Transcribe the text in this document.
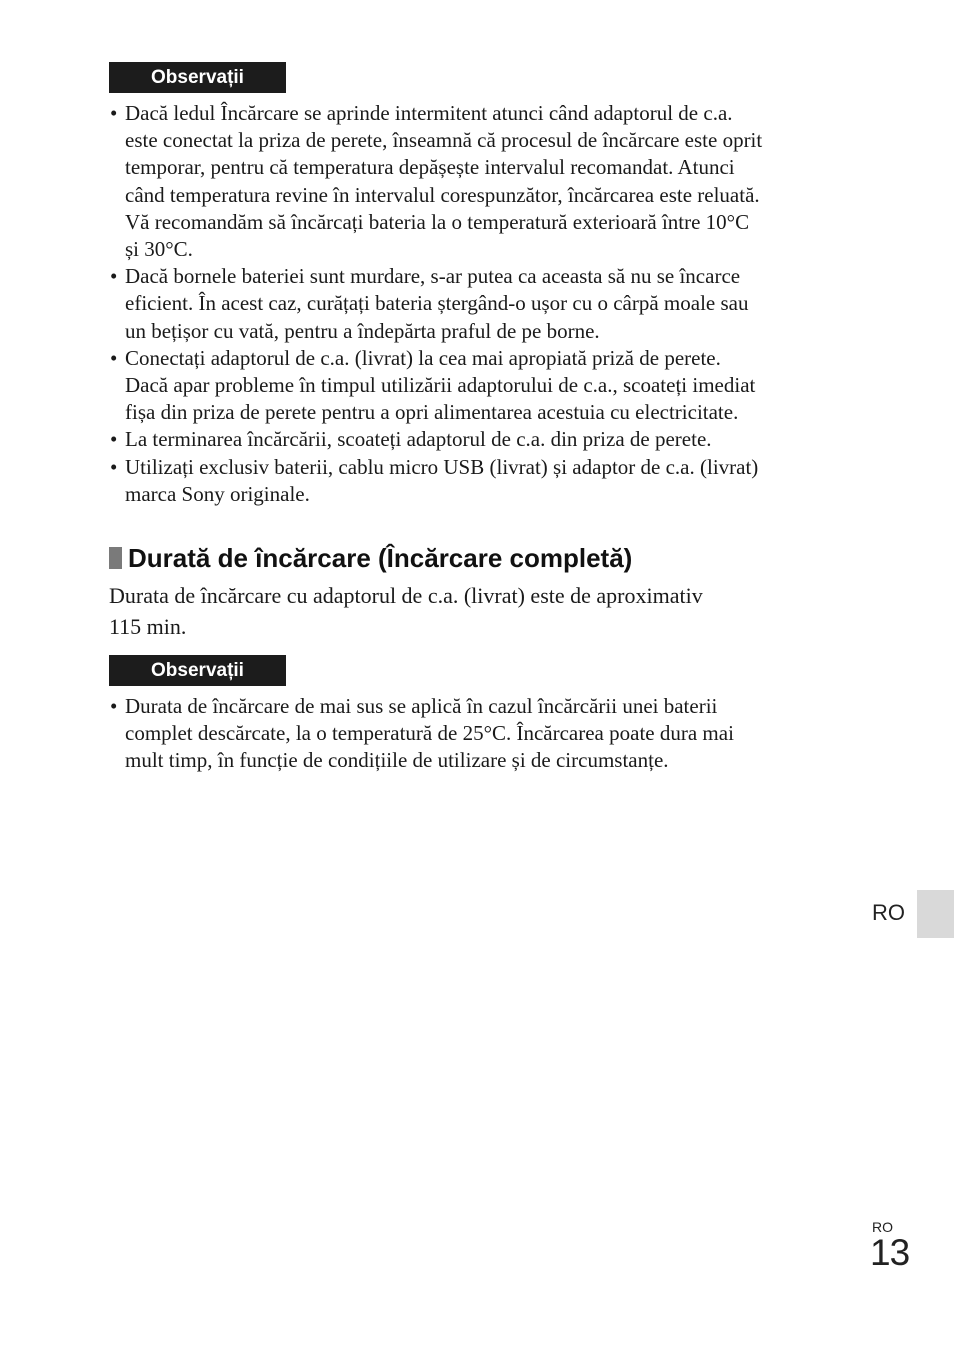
Observații
• Dacă ledul Încărcare se aprinde intermitent atunci când adaptorul de c.a.
este conectat la priza de perete, înseamnă că procesul de încărcare este oprit
temporar, pentru că temperatura depășește intervalul recomandat. Atunci
când temperatura revine în intervalul corespunzător, încărcarea este reluată.
Vă recomandăm să încărcați bateria la o temperatură exterioară între 10°C
și 30°C.
• Dacă bornele bateriei sunt murdare, s-ar putea ca aceasta să nu se încarce
eficient. În acest caz, curățați bateria ștergând-o ușor cu o cârpă moale sau
un bețișor cu vată, pentru a îndepărta praful de pe borne.
• Conectați adaptorul de c.a. (livrat) la cea mai apropiată priză de perete.
Dacă apar probleme în timpul utilizării adaptorului de c.a., scoateți imediat
fișa din priza de perete pentru a opri alimentarea acestuia cu electricitate.
• La terminarea încărcării, scoateți adaptorul de c.a. din priza de perete.
• Utilizați exclusiv baterii, cablu micro USB (livrat) și adaptor de c.a. (livrat)
marca Sony originale.
Durată de încărcare (Încărcare completă)
Durata de încărcare cu adaptorul de c.a. (livrat) este de aproximativ
115 min.
Observații
• Durata de încărcare de mai sus se aplică în cazul încărcării unei baterii
complet descărcate, la o temperatură de 25°C. Încărcarea poate dura mai
mult timp, în funcție de condițiile de utilizare și de circumstanțe.
RO
RO
13
